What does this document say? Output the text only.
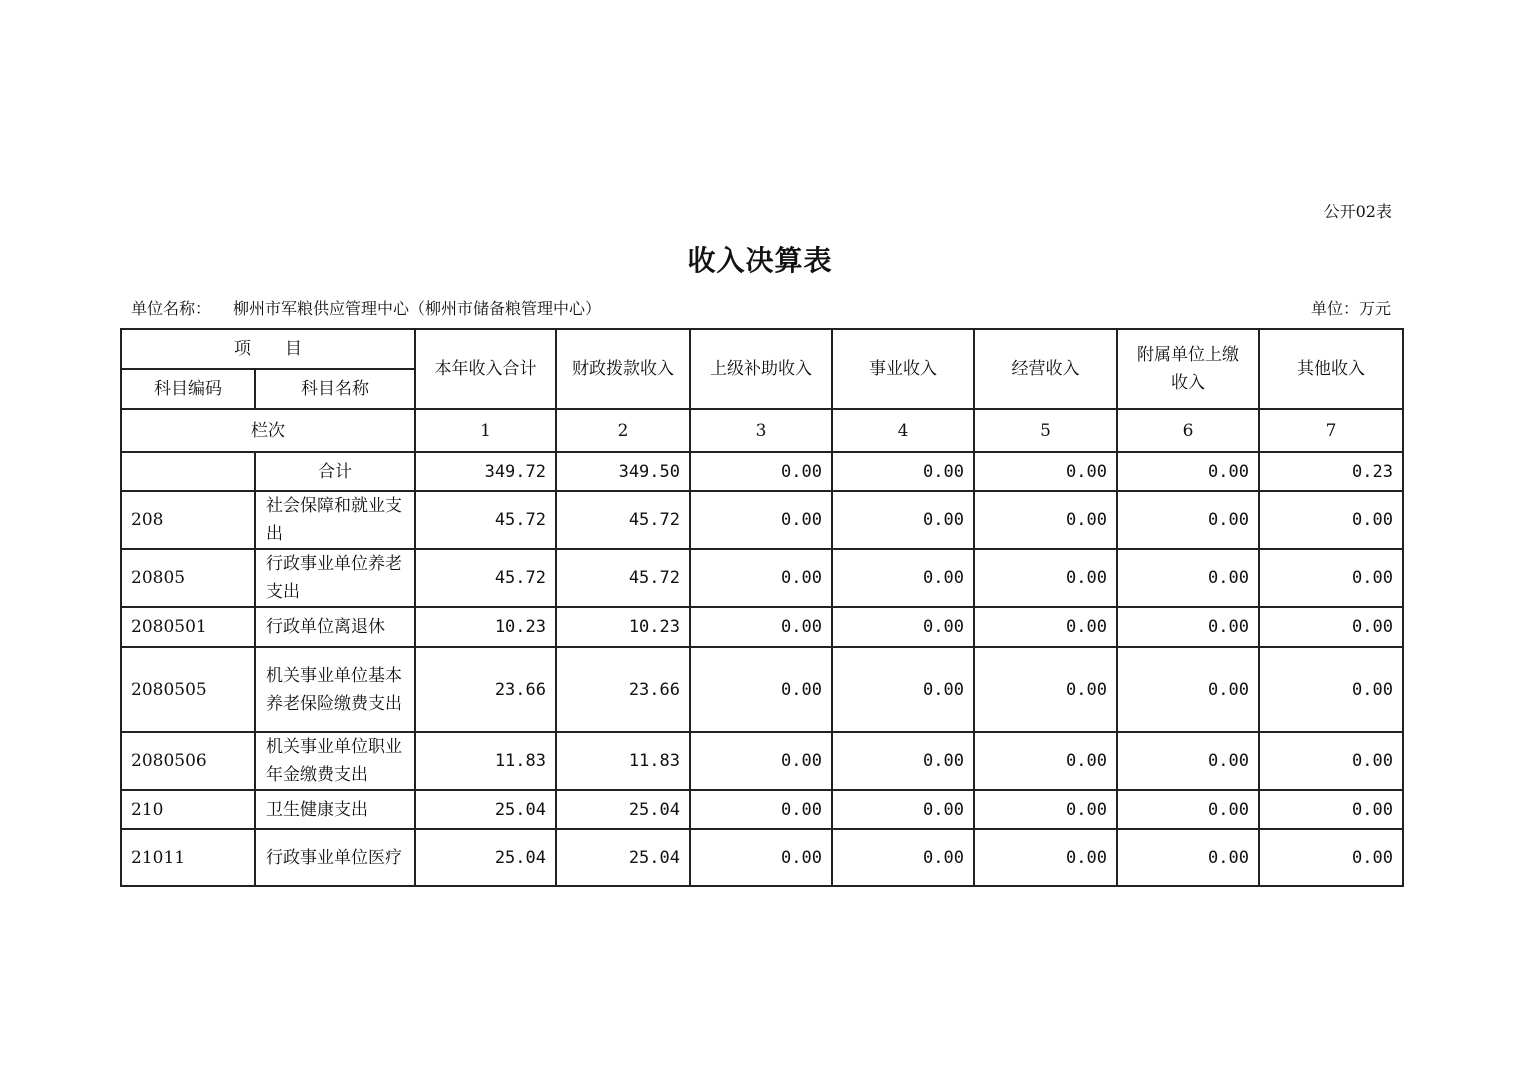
公开02表
收入决算表
单位名称： 柳州市军粮供应管理中心（柳州市储备粮管理中心）	单位：万元
项　　目		本年收入合计	财政拨款收入	上级补助收入	事业收入	经营收入	附属单位上缴收入	其他收入
科目编码	科目名称							
栏次		1	2	3	4	5	6	7
	合计	349.72	349.50	0.00	0.00	0.00	0.00	0.23
208	社会保障和就业支出	45.72	45.72	0.00	0.00	0.00	0.00	0.00
20805	行政事业单位养老支出	45.72	45.72	0.00	0.00	0.00	0.00	0.00
2080501	行政单位离退休	10.23	10.23	0.00	0.00	0.00	0.00	0.00
2080505	机关事业单位基本养老保险缴费支出	23.66	23.66	0.00	0.00	0.00	0.00	0.00
2080506	机关事业单位职业年金缴费支出	11.83	11.83	0.00	0.00	0.00	0.00	0.00
210	卫生健康支出	25.04	25.04	0.00	0.00	0.00	0.00	0.00
21011	行政事业单位医疗	25.04	25.04	0.00	0.00	0.00	0.00	0.00
